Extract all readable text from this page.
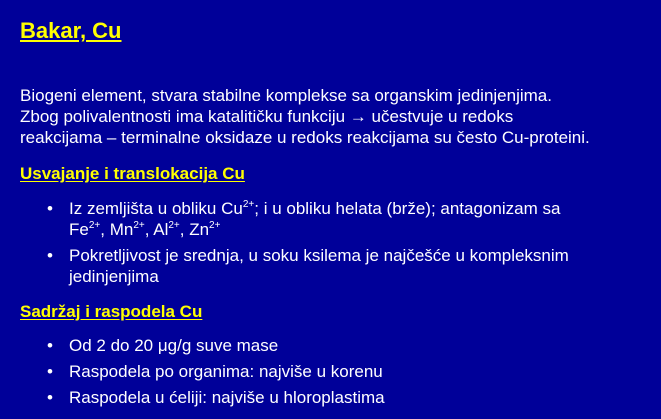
Bakar, Cu
Biogeni element, stvara stabilne komplekse sa organskim jedinjenjima.
Zbog polivalentnosti ima katalitičku funkciju → učestvuje u redoks
reakcijama – terminalne oksidaze u redoks reakcijama su često Cu-proteini.
Usvajanje i translokacija Cu
• Iz zemljišta u obliku $Cu^{2+}$; i u obliku helata (brže); antagonizam sa
$Fe^{2+}$, $Mn^{2+}$, $Al^{2+}$, $Zn^{2+}$
• Pokretljivost je srednja, u soku ksilema je najčešće u kompleksnim
jedinjenjima
Sadržaj i raspodela Cu
• Od 2 do 20 μg/g suve mase
• Raspodela po organima: najviše u korenu
• Raspodela u ćeliji: najviše u hloroplastima
